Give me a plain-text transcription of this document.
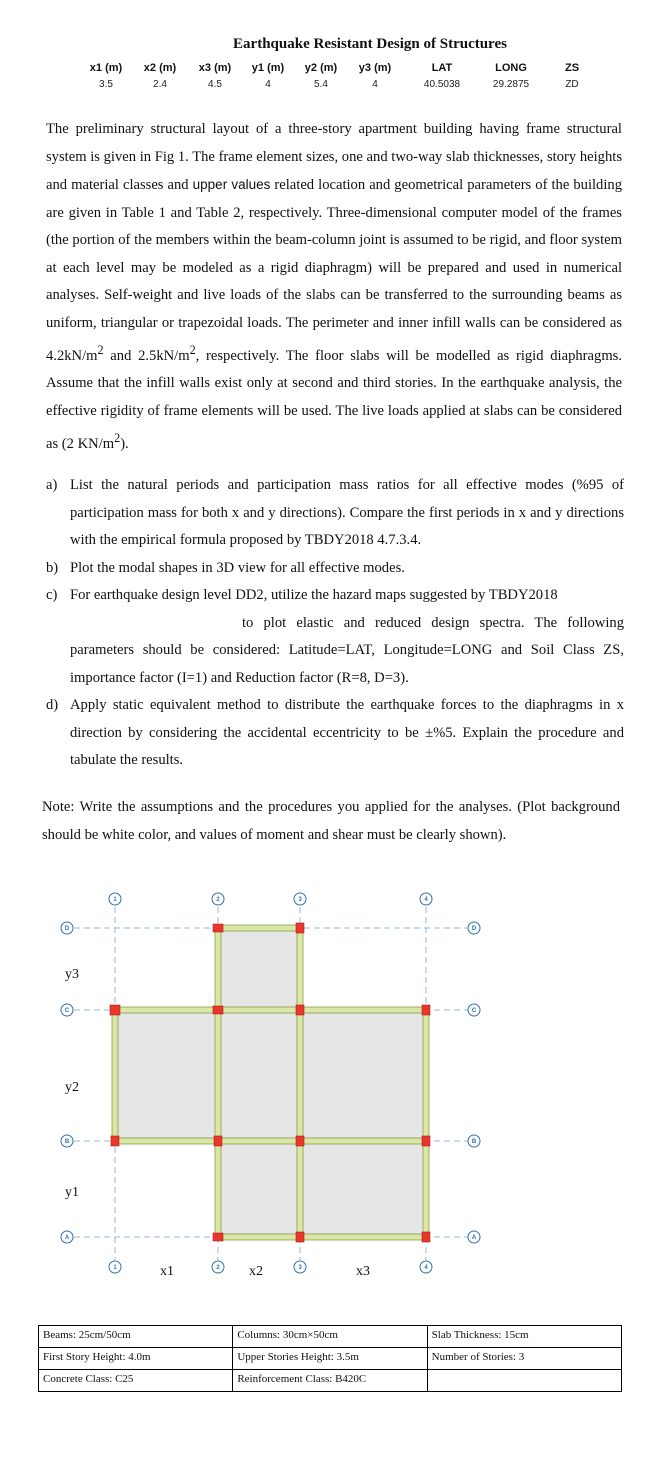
Earthquake Resistant Design of Structures
x1 (m)	x2 (m)	x3 (m)	y1 (m)	y2 (m)	y3 (m)	LAT	LONG	ZS
3.5	2.4	4.5	4	5.4	4	40.5038	29.2875	ZD

The preliminary structural layout of a three-story apartment building having frame structural system is given in Fig 1. The frame element sizes, one and two-way slab thicknesses, story heights and material classes and upper values related location and geometrical parameters of the building are given in Table 1 and Table 2, respectively. Three-dimensional computer model of the frames (the portion of the members within the beam-column joint is assumed to be rigid, and floor system at each level may be modeled as a rigid diaphragm) will be prepared and used in numerical analyses. Self-weight and live loads of the slabs can be transferred to the surrounding beams as uniform, triangular or trapezoidal loads. The perimeter and inner infill walls can be considered as $4.2kN/m^2$ and $2.5kN/m^2$, respectively. The floor slabs will be modelled as rigid diaphragms. Assume that the infill walls exist only at second and third stories. In the earthquake analysis, the effective rigidity of frame elements will be used. The live loads applied at slabs can be considered as (2 $KN/m^2$).

a) List the natural periods and participation mass ratios for all effective modes (%95 of participation mass for both x and y directions). Compare the first periods in x and y directions with the empirical formula proposed by TBDY2018 4.7.3.4.
b) Plot the modal shapes in 3D view for all effective modes.
c) For earthquake design level DD2, utilize the hazard maps suggested by TBDY2018
to plot elastic and reduced design spectra. The following parameters should be considered: Latitude=LAT, Longitude=LONG and Soil Class ZS, importance factor (I=1) and Reduction factor (R=8, D=3).
d) Apply static equivalent method to distribute the earthquake forces to the diaphragms in x direction by considering the accidental eccentricity to be ±%5. Explain the procedure and tabulate the results.
Note: Write the assumptions and the procedures you applied for the analyses. (Plot background should be white color, and values of moment and shear must be clearly shown).
1	2	3	4
1	2	3	4
D
C
B
A
D
C
B
A
y3
y2
y1
x1	x2	x3
Beams: 25cm/50cm	Columns: 30cm×50cm	Slab Thickness: 15cm
First Story Height: 4.0m	Upper Stories Height: 3.5m	Number of Stories: 3
Concrete Class: C25	Reinforcement Class: B420C	
